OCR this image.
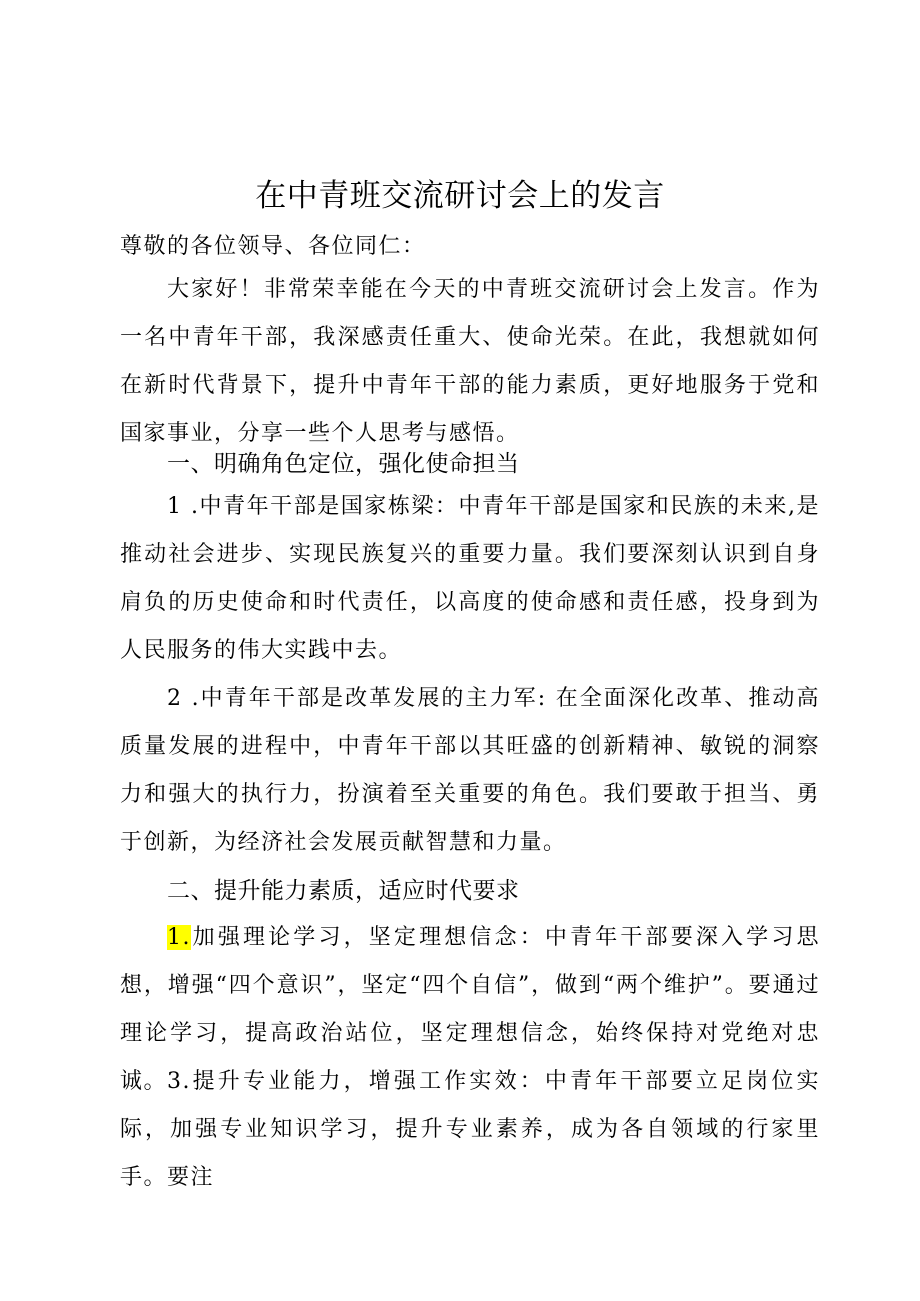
在中青班交流研讨会上的发言

尊敬的各位领导、各位同仁：

大家好！非常荣幸能在今天的中青班交流研讨会上发言。作为一名中青年干部，我深感责任重大、使命光荣。在此，我想就如何在新时代背景下，提升中青年干部的能力素质，更好地服务于党和国家事业，分享一些个人思考与感悟。

一、明确角色定位，强化使命担当

1 .中青年干部是国家栋梁：中青年干部是国家和民族的未来,是推动社会进步、实现民族复兴的重要力量。我们要深刻认识到自身肩负的历史使命和时代责任，以高度的使命感和责任感，投身到为人民服务的伟大实践中去。

2 .中青年干部是改革发展的主力军: 在全面深化改革、推动高质量发展的进程中，中青年干部以其旺盛的创新精神、敏锐的洞察力和强大的执行力，扮演着至关重要的角色。我们要敢于担当、勇于创新，为经济社会发展贡献智慧和力量。

二、提升能力素质，适应时代要求

1.加强理论学习，坚定理想信念：中青年干部要深入学习思想，增强“四个意识”，坚定“四个自信”，做到“两个维护”。要通过理论学习，提高政治站位，坚定理想信念，始终保持对党绝对忠诚。 3.提升专业能力，增强工作实效：中青年干部要立足岗位实际，加强专业知识学习，提升专业素养，成为各自领域的行家里手。要注
